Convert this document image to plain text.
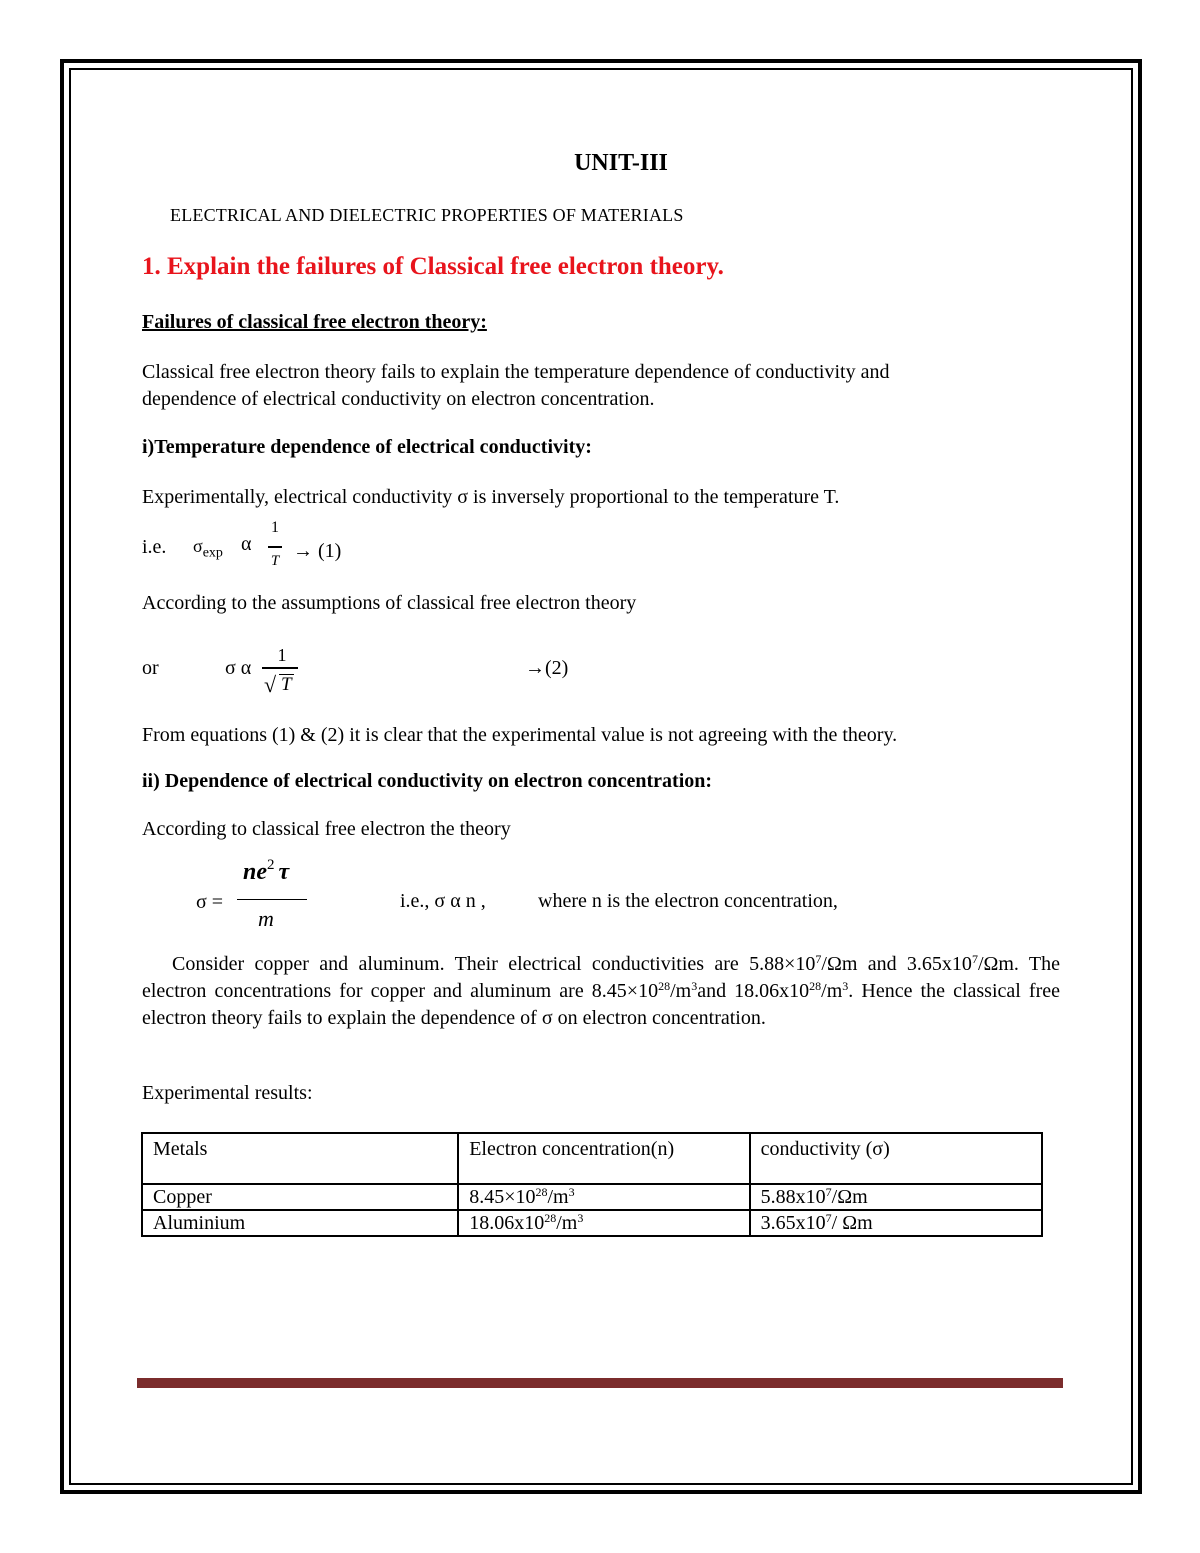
UNIT-III
ELECTRICAL AND DIELECTRIC PROPERTIES OF MATERIALS
1. Explain the failures of Classical free electron theory.
Failures of classical free electron theory:
Classical free electron theory fails to explain the temperature dependence of conductivity and
dependence of electrical conductivity on electron concentration.
i)Temperature dependence of electrical conductivity:
Experimentally, electrical conductivity σ is inversely proportional to the temperature T.
i.e. $\sigma_{exp}$ α
1
T → (1)
According to the assumptions of classical free electron theory
or	σ α
1
√ T
→(2)
From equations (1) & (2) it is clear that the experimental value is not agreeing with the theory.
ii) Dependence of electrical conductivity on electron concentration:
According to classical free electron the theory
σ =
$ne^2$ τ
m
i.e., σ α n ,	where n is the electron concentration,
Consider copper and aluminum. Their electrical conductivities are $5.88\times 10^7/\Omega m$ and $3.65x10^7/\Omega m$. The electron concentrations for copper and aluminum are $8.45\times 10^{28}/m^3and$ $18.06x10^{28}/m^3$. Hence the classical free electron theory fails to explain the dependence of σ on electron concentration.
Experimental results:
Metals	Electron concentration(n)	conductivity (σ)
Copper	$8.45\times 10^{28}/m^3$	$5.88x10^7/\Omega m$
Aluminium	$18.06x10^{28}/m^3$	$3.65x10^7/$ Ωm
